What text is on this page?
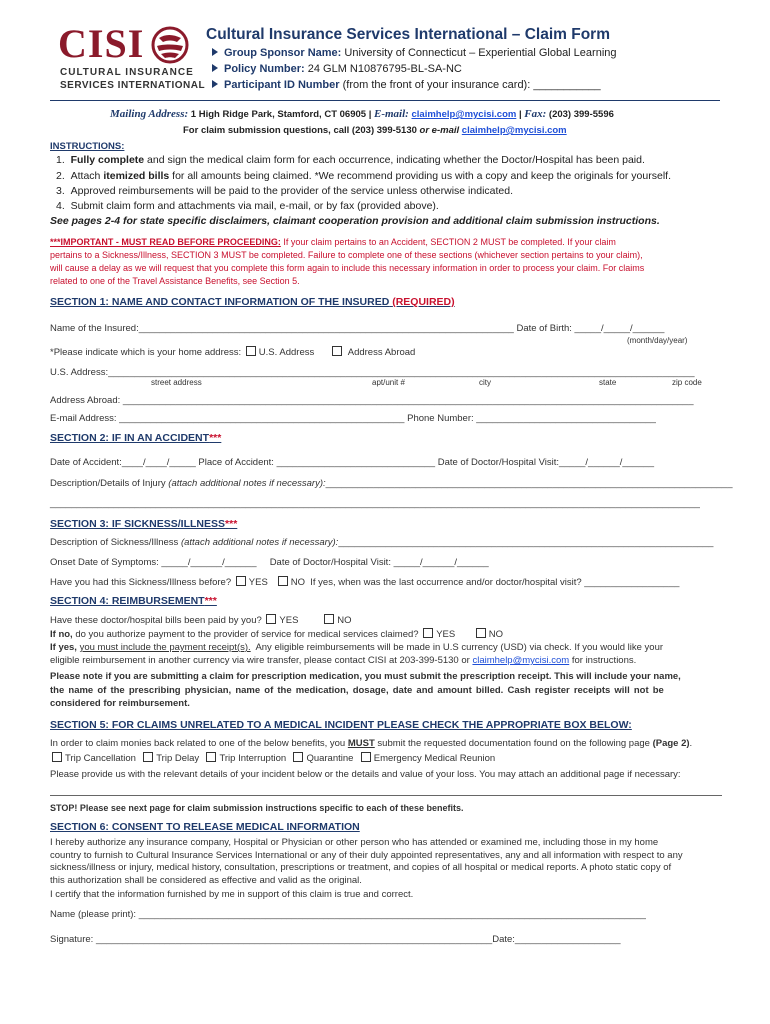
CISI
CULTURAL INSURANCE
SERVICES INTERNATIONAL
Cultural Insurance Services International – Claim Form
Group Sponsor Name: University of Connecticut – Experiential Global Learning
Policy Number: 24 GLM N10876795-BL-SA-NC
Participant ID Number (from the front of your insurance card): ___________
Mailing Address: 1 High Ridge Park, Stamford, CT 06905 | E-mail: claimhelp@mycisi.com | Fax: (203) 399-5596
For claim submission questions, call (203) 399-5130 or e-mail claimhelp@mycisi.com
INSTRUCTIONS:
1. Fully complete and sign the medical claim form for each occurrence, indicating whether the Doctor/Hospital has been paid.
2. Attach itemized bills for all amounts being claimed. *We recommend providing us with a copy and keep the originals for yourself.
3. Approved reimbursements will be paid to the provider of the service unless otherwise indicated.
4. Submit claim form and attachments via mail, e-mail, or by fax (provided above).
See pages 2-4 for state specific disclaimers, claimant cooperation provision and additional claim submission instructions.
***IMPORTANT - MUST READ BEFORE PROCEEDING: If your claim pertains to an Accident, SECTION 2 MUST be completed. If your claim
pertains to a Sickness/Illness, SECTION 3 MUST be completed. Failure to complete one of these sections (whichever section pertains to your claim),
will cause a delay as we will request that you complete this form again to include this necessary information in order to process your claim. For claims
related to one of the Travel Assistance Benefits, see Section 5.
SECTION 1: NAME AND CONTACT INFORMATION OF THE INSURED (REQUIRED)
Name of the Insured:_______________________________________________________________________ Date of Birth: _____/_____/______
(month/day/year)
*Please indicate which is your home address: U.S. Address	Address Abroad
U.S. Address:_______________________________________________________________________________________________________________
street address	apt/unit #	city	state	zip code
Address Abroad: ____________________________________________________________________________________________________________
E-mail Address: ______________________________________________________ Phone Number: __________________________________
SECTION 2: IF IN AN ACCIDENT***
Date of Accident:____/____/_____ Place of Accident: ______________________________ Date of Doctor/Hospital Visit:_____/______/______
Description/Details of Injury (attach additional notes if necessary):_____________________________________________________________________________
___________________________________________________________________________________________________________________________
SECTION 3: IF SICKNESS/ILLNESS***
Description of Sickness/Illness (attach additional notes if necessary):_______________________________________________________________________
Onset Date of Symptoms: _____/______/______     Date of Doctor/Hospital Visit: _____/______/______
Have you had this Sickness/Illness before? YES NO If yes, when was the last occurrence and/or doctor/hospital visit? __________________
SECTION 4: REIMBURSEMENT***
Have these doctor/hospital bills been paid by you? YES	NO
If no, do you authorize payment to the provider of service for medical services claimed? YES	NO
If yes, you must include the payment receipt(s). Any eligible reimbursements will be made in U.S currency (USD) via check. If you would like your
eligible reimbursement in another currency via wire transfer, please contact CISI at 203-399-5130 or claimhelp@mycisi.com for instructions.
Please note if you are submitting a claim for prescription medication, you must submit the prescription receipt. This will include your name,
the name of the prescribing physician, name of the medication, dosage, date and amount billed. Cash register receipts will not be
considered for reimbursement.
SECTION 5: FOR CLAIMS UNRELATED TO A MEDICAL INCIDENT PLEASE CHECK THE APPROPRIATE BOX BELOW:
In order to claim monies back related to one of the below benefits, you MUST submit the requested documentation found on the following page (Page 2).
Trip Cancellation Trip Delay Trip Interruption Quarantine Emergency Medical Reunion
Please provide us with the relevant details of your incident below or the details and value of your loss. You may attach an additional page if necessary:
STOP! Please see next page for claim submission instructions specific to each of these benefits.
SECTION 6: CONSENT TO RELEASE MEDICAL INFORMATION
I hereby authorize any insurance company, Hospital or Physician or other person who has attended or examined me, including those in my home
country to furnish to Cultural Insurance Services International or any of their duly appointed representatives, any and all information with respect to any
sickness/illness or injury, medical history, consultation, prescriptions or treatment, and copies of all hospital or medical reports. A photo static copy of
this authorization shall be considered as effective and valid as the original.
I certify that the information furnished by me in support of this claim is true and correct.
Name (please print): ________________________________________________________________________________________________
Signature: ___________________________________________________________________________Date:____________________
